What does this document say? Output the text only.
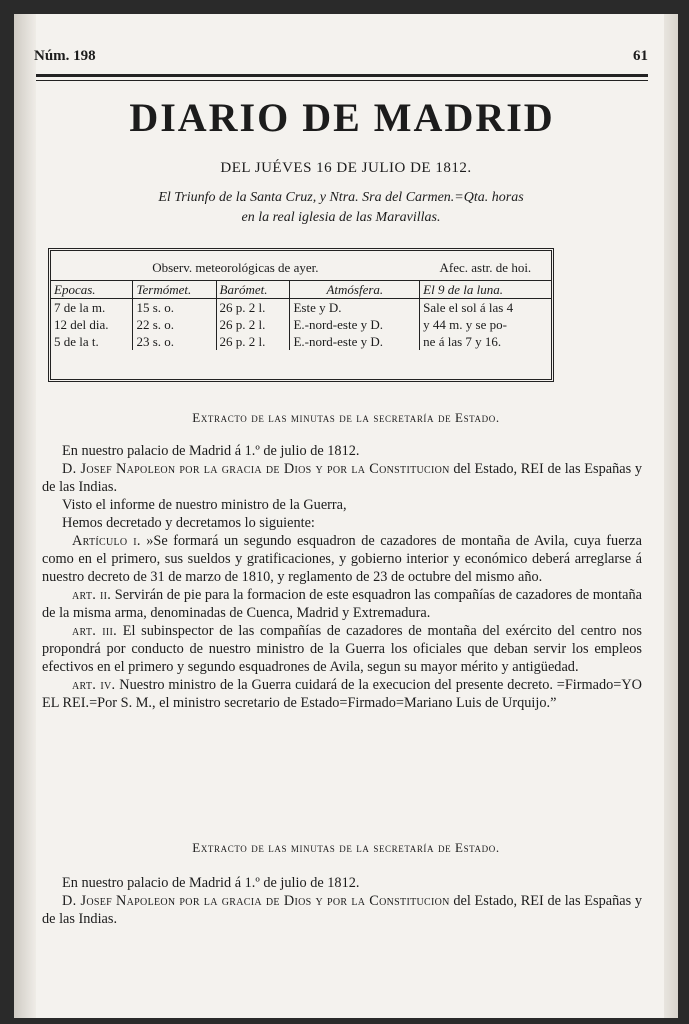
Núm. 198	61
DIARIO DE MADRID
DEL JUÉVES 16 DE JULIO DE 1812.
El Triunfo de la Santa Cruz, y Ntra. Sra del Carmen.=Qta. horas
en la real iglesia de las Maravillas.
Observ. meteorológicas de ayer.				Afec. astr. de hoi.
Epocas.	Termómet.	Barómet.	Atmósfera.	El 9 de la luna.
7 de la m.	15 s. o.	26 p. 2 l.	Este y D.	Sale el sol á las 4
12 del dia.	22 s. o.	26 p. 2 l.	E.-nord-este y D.	y 44 m. y se po-
5 de la t.	23 s. o.	26 p. 2 l.	E.-nord-este y D.	ne á las 7 y 16.
Extracto de las minutas de la secretaría de Estado.

En nuestro palacio de Madrid á 1.º de julio de 1812.

D. Josef Napoleon por la gracia de Dios y por la Constitucion del Estado, REI de las Españas y de las Indias.

Visto el informe de nuestro ministro de la Guerra,

Hemos decretado y decretamos lo siguiente:

Artículo i. »Se formará un segundo esquadron de cazadores de montaña de Avila, cuya fuerza como en el primero, sus sueldos y gratificaciones, y gobierno interior y económico deberá arreglarse á nuestro decreto de 31 de marzo de 1810, y reglamento de 23 de octubre del mismo año.

art. ii. Servirán de pie para la formacion de este esquadron las compañías de cazadores de montaña de la misma arma, denominadas de Cuenca, Madrid y Extremadura.

art. iii. El subinspector de las compañías de cazadores de montaña del exército del centro nos propondrá por conducto de nuestro ministro de la Guerra los oficiales que deban servir los empleos efectivos en el primero y segundo esquadrones de Avila, segun su mayor mérito y antigüedad.

art. iv. Nuestro ministro de la Guerra cuidará de la execucion del presente decreto. =Firmado=YO EL REI.=Por S. M., el ministro secretario de Estado=Firmado=Mariano Luis de Urquijo.”

Extracto de las minutas de la secretaría de Estado.

En nuestro palacio de Madrid á 1.º de julio de 1812.

D. Josef Napoleon por la gracia de Dios y por la Constitucion del Estado, REI de las Españas y de las Indias.
